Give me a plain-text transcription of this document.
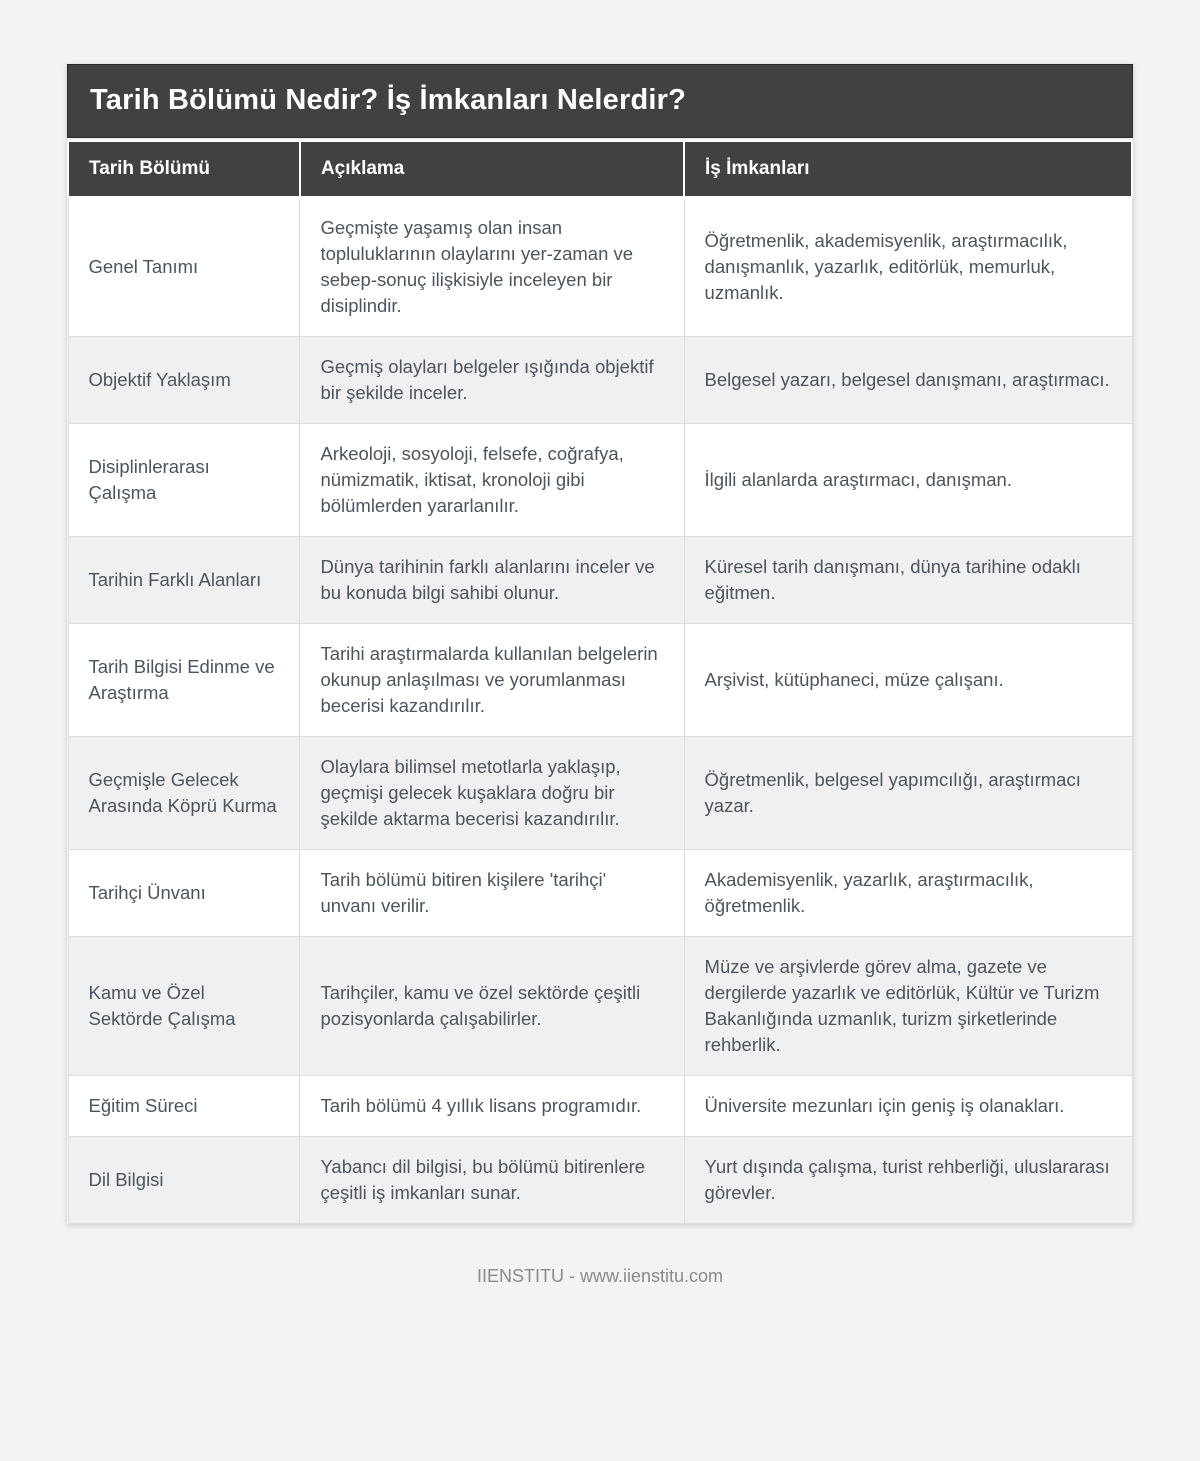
Tarih Bölümü Nedir? İş İmkanları Nelerdir?
Tarih Bölümü	Açıklama	İş İmkanları
Genel Tanımı	Geçmişte yaşamış olan insan topluluklarının olaylarını yer-zaman ve sebep-sonuç ilişkisiyle inceleyen bir disiplindir.	Öğretmenlik, akademisyenlik, araştırmacılık, danışmanlık, yazarlık, editörlük, memurluk, uzmanlık.
Objektif Yaklaşım	Geçmiş olayları belgeler ışığında objektif bir şekilde inceler.	Belgesel yazarı, belgesel danışmanı, araştırmacı.
Disiplinlerarası Çalışma	Arkeoloji, sosyoloji, felsefe, coğrafya, nümizmatik, iktisat, kronoloji gibi bölümlerden yararlanılır.	İlgili alanlarda araştırmacı, danışman.
Tarihin Farklı Alanları	Dünya tarihinin farklı alanlarını inceler ve bu konuda bilgi sahibi olunur.	Küresel tarih danışmanı, dünya tarihine odaklı eğitmen.
Tarih Bilgisi Edinme ve Araştırma	Tarihi araştırmalarda kullanılan belgelerin okunup anlaşılması ve yorumlanması becerisi kazandırılır.	Arşivist, kütüphaneci, müze çalışanı.
Geçmişle Gelecek Arasında Köprü Kurma	Olaylara bilimsel metotlarla yaklaşıp, geçmişi gelecek kuşaklara doğru bir şekilde aktarma becerisi kazandırılır.	Öğretmenlik, belgesel yapımcılığı, araştırmacı yazar.
Tarihçi Ünvanı	Tarih bölümü bitiren kişilere 'tarihçi' unvanı verilir.	Akademisyenlik, yazarlık, araştırmacılık, öğretmenlik.
Kamu ve Özel Sektörde Çalışma	Tarihçiler, kamu ve özel sektörde çeşitli pozisyonlarda çalışabilirler.	Müze ve arşivlerde görev alma, gazete ve dergilerde yazarlık ve editörlük, Kültür ve Turizm Bakanlığında uzmanlık, turizm şirketlerinde rehberlik.
Eğitim Süreci	Tarih bölümü 4 yıllık lisans programıdır.	Üniversite mezunları için geniş iş olanakları.
Dil Bilgisi	Yabancı dil bilgisi, bu bölümü bitirenlere çeşitli iş imkanları sunar.	Yurt dışında çalışma, turist rehberliği, uluslararası görevler.
IIENSTITU - www.iienstitu.com
